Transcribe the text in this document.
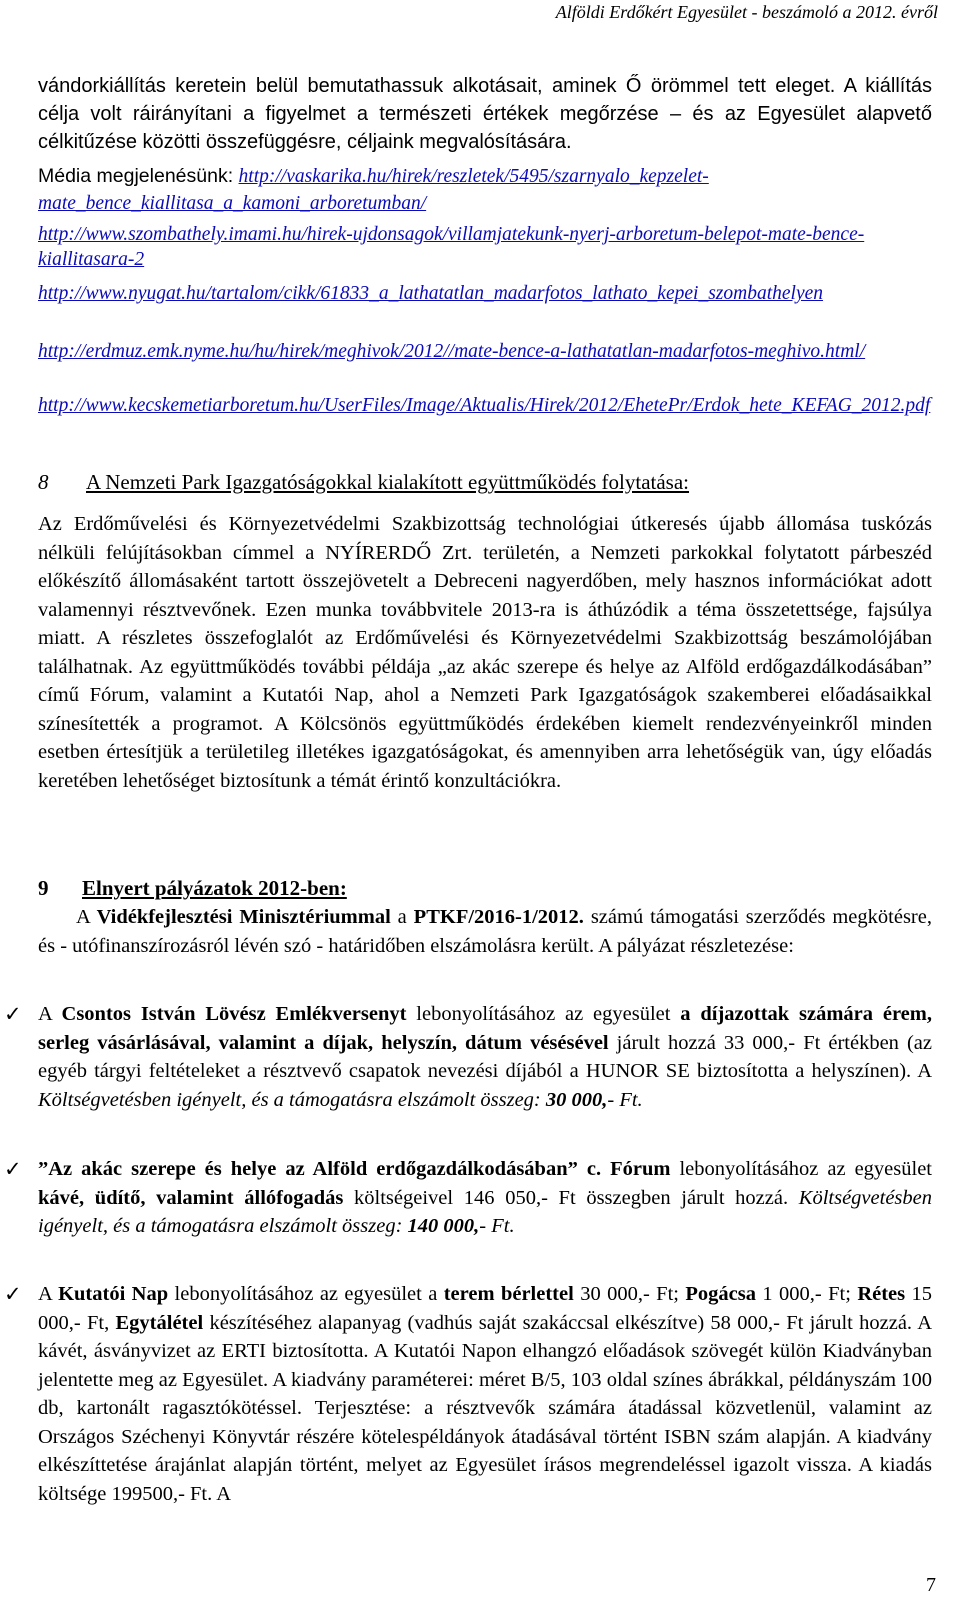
Alföldi Erdőkért Egyesület - beszámoló a 2012. évről
vándorkiállítás keretein belül bemutathassuk alkotásait, aminek Ő örömmel tett eleget. A kiállítás célja volt ráirányítani a figyelmet a természeti értékek megőrzése – és az Egyesület alapvető célkitűzése közötti összefüggésre, céljaink megvalósítására.
Média megjelenésünk: http://vaskarika.hu/hirek/reszletek/5495/szarnyalo_kepzelet-mate_bence_kiallitasa_a_kamoni_arboretumban/
http://www.szombathely.imami.hu/hirek-ujdonsagok/villamjatekunk-nyerj-arboretum-belepot-mate-bence-kiallitasara-2
http://www.nyugat.hu/tartalom/cikk/61833_a_lathatatlan_madarfotos_lathato_kepei_szombathelyen
http://erdmuz.emk.nyme.hu/hu/hirek/meghivok/2012//mate-bence-a-lathatatlan-madarfotos-meghivo.html/
http://www.kecskemetiarboretum.hu/UserFiles/Image/Aktualis/Hirek/2012/EhetePr/Erdok_hete_KEFAG_2012.pdf
8 A Nemzeti Park Igazgatóságokkal kialakított együttműködés folytatása:
Az Erdőművelési és Környezetvédelmi Szakbizottság technológiai útkeresés újabb állomása tuskózás nélküli felújításokban címmel a NYÍRERDŐ Zrt. területén, a Nemzeti parkokkal folytatott párbeszéd előkészítő állomásaként tartott összejövetelt a Debreceni nagyerdőben, mely hasznos információkat adott valamennyi résztvevőnek. Ezen munka továbbvitele 2013-ra is áthúzódik a téma összetettsége, fajsúlya miatt. A részletes összefoglalót az Erdőművelési és Környezetvédelmi Szakbizottság beszámolójában találhatnak. Az együttműködés további példája „az akác szerepe és helye az Alföld erdőgazdálkodásában” című Fórum, valamint a Kutatói Nap, ahol a Nemzeti Park Igazgatóságok szakemberei előadásaikkal színesítették a programot. A Kölcsönös együttműködés érdekében kiemelt rendezvényeinkről minden esetben értesítjük a területileg illetékes igazgatóságokat, és amennyiben arra lehetőségük van, úgy előadás keretében lehetőséget biztosítunk a témát érintő konzultációkra.
9 Elnyert pályázatok 2012-ben:
A Vidékfejlesztési Minisztériummal a PTKF/2016-1/2012. számú támogatási szerződés megkötésre, és - utófinanszírozásról lévén szó - határidőben elszámolásra került. A pályázat részletezése:
✓ A Csontos István Lövész Emlékversenyt lebonyolításához az egyesület a díjazottak számára érem, serleg vásárlásával, valamint a díjak, helyszín, dátum vésésével járult hozzá 33 000,- Ft értékben (az egyéb tárgyi feltételeket a résztvevő csapatok nevezési díjából a HUNOR SE biztosította a helyszínen). A Költségvetésben igényelt, és a támogatásra elszámolt összeg: 30 000,- Ft.
✓ ”Az akác szerepe és helye az Alföld erdőgazdálkodásában” c. Fórum lebonyolításához az egyesület kávé, üdítő, valamint állófogadás költségeivel 146 050,- Ft összegben járult hozzá. Költségvetésben igényelt, és a támogatásra elszámolt összeg: 140 000,- Ft.
✓ A Kutatói Nap lebonyolításához az egyesület a terem bérlettel 30 000,- Ft; Pogácsa 1 000,- Ft; Rétes 15 000,- Ft, Egytálétel készítéséhez alapanyag (vadhús saját szakáccsal elkészítve) 58 000,- Ft járult hozzá. A kávét, ásványvizet az ERTI biztosította. A Kutatói Napon elhangzó előadások szövegét külön Kiadványban jelentette meg az Egyesület. A kiadvány paraméterei: méret B/5, 103 oldal színes ábrákkal, példányszám 100 db, kartonált ragasztókötéssel. Terjesztése: a résztvevők számára átadással közvetlenül, valamint az Országos Széchenyi Könyvtár részére kötelespéldányok átadásával történt ISBN szám alapján. A kiadvány elkészíttetése árajánlat alapján történt, melyet az Egyesület írásos megrendeléssel igazolt vissza. A kiadás költsége 199500,- Ft. A
7
